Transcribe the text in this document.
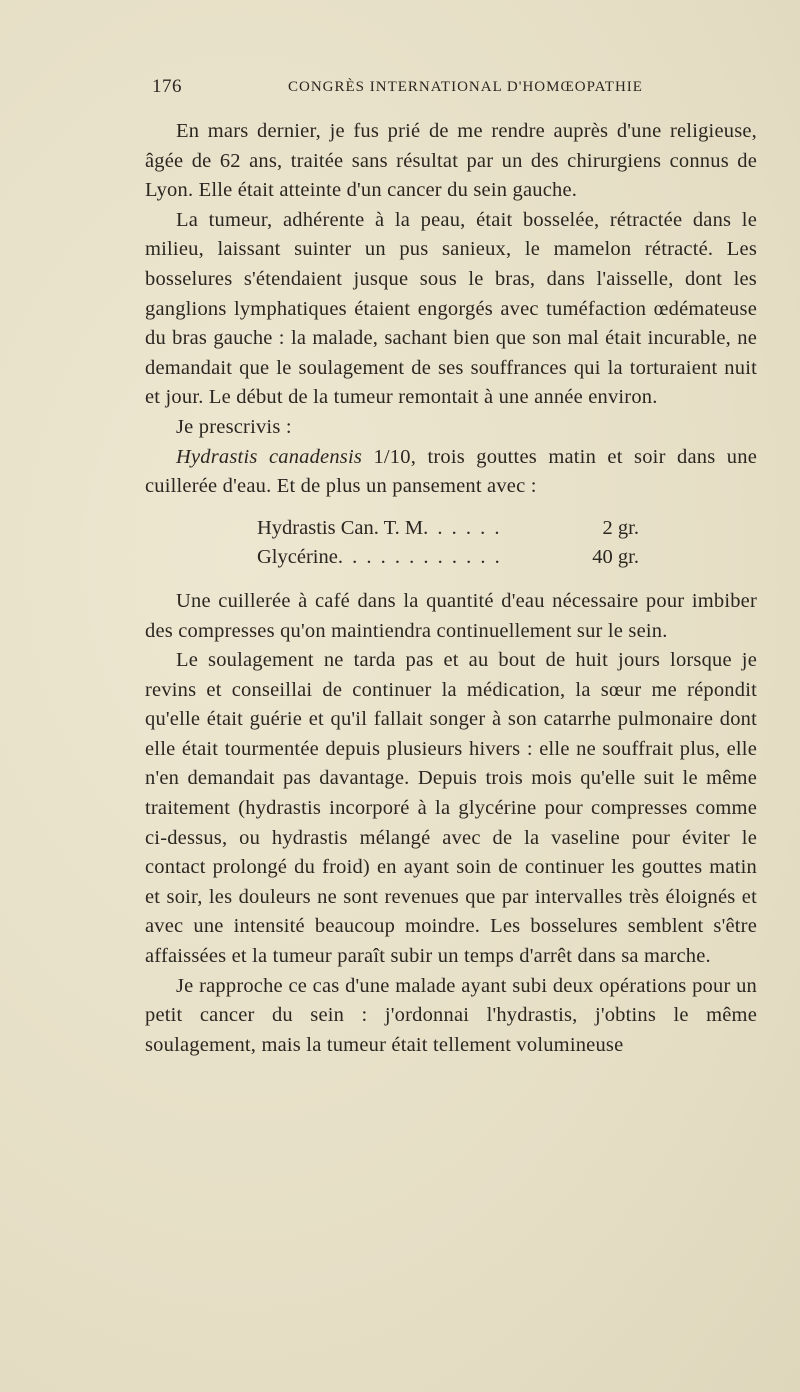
176	CONGRÈS INTERNATIONAL D'HOMŒOPATHIE

En mars dernier, je fus prié de me rendre auprès d'une religieuse, âgée de 62 ans, traitée sans résultat par un des chirurgiens connus de Lyon. Elle était atteinte d'un cancer du sein gauche.

La tumeur, adhérente à la peau, était bosselée, rétractée dans le milieu, laissant suinter un pus sanieux, le mamelon rétracté. Les bosselures s'étendaient jusque sous le bras, dans l'aisselle, dont les ganglions lymphatiques étaient engorgés avec tuméfaction œdémateuse du bras gauche : la malade, sachant bien que son mal était incurable, ne demandait que le soulagement de ses souffrances qui la torturaient nuit et jour. Le début de la tumeur remontait à une année environ.

Je prescrivis :

Hydrastis canadensis 1/10, trois gouttes matin et soir dans une cuillerée d'eau. Et de plus un pansement avec :

Hydrastis Can. T. M. . . . . .	2 gr.
Glycérine. . . . . . . . . . . .	40 gr.

Une cuillerée à café dans la quantité d'eau nécessaire pour imbiber des compresses qu'on maintiendra continuellement sur le sein.

Le soulagement ne tarda pas et au bout de huit jours lorsque je revins et conseillai de continuer la médication, la sœur me répondit qu'elle était guérie et qu'il fallait songer à son catarrhe pulmonaire dont elle était tourmentée depuis plusieurs hivers : elle ne souffrait plus, elle n'en demandait pas davantage. Depuis trois mois qu'elle suit le même traitement (hydrastis incorporé à la glycérine pour compresses comme ci-dessus, ou hydrastis mélangé avec de la vaseline pour éviter le contact prolongé du froid) en ayant soin de continuer les gouttes matin et soir, les douleurs ne sont revenues que par intervalles très éloignés et avec une intensité beaucoup moindre. Les bosselures semblent s'être affaissées et la tumeur paraît subir un temps d'arrêt dans sa marche.

Je rapproche ce cas d'une malade ayant subi deux opérations pour un petit cancer du sein : j'ordonnai l'hydrastis, j'obtins le même soulagement, mais la tumeur était tellement volumineuse
